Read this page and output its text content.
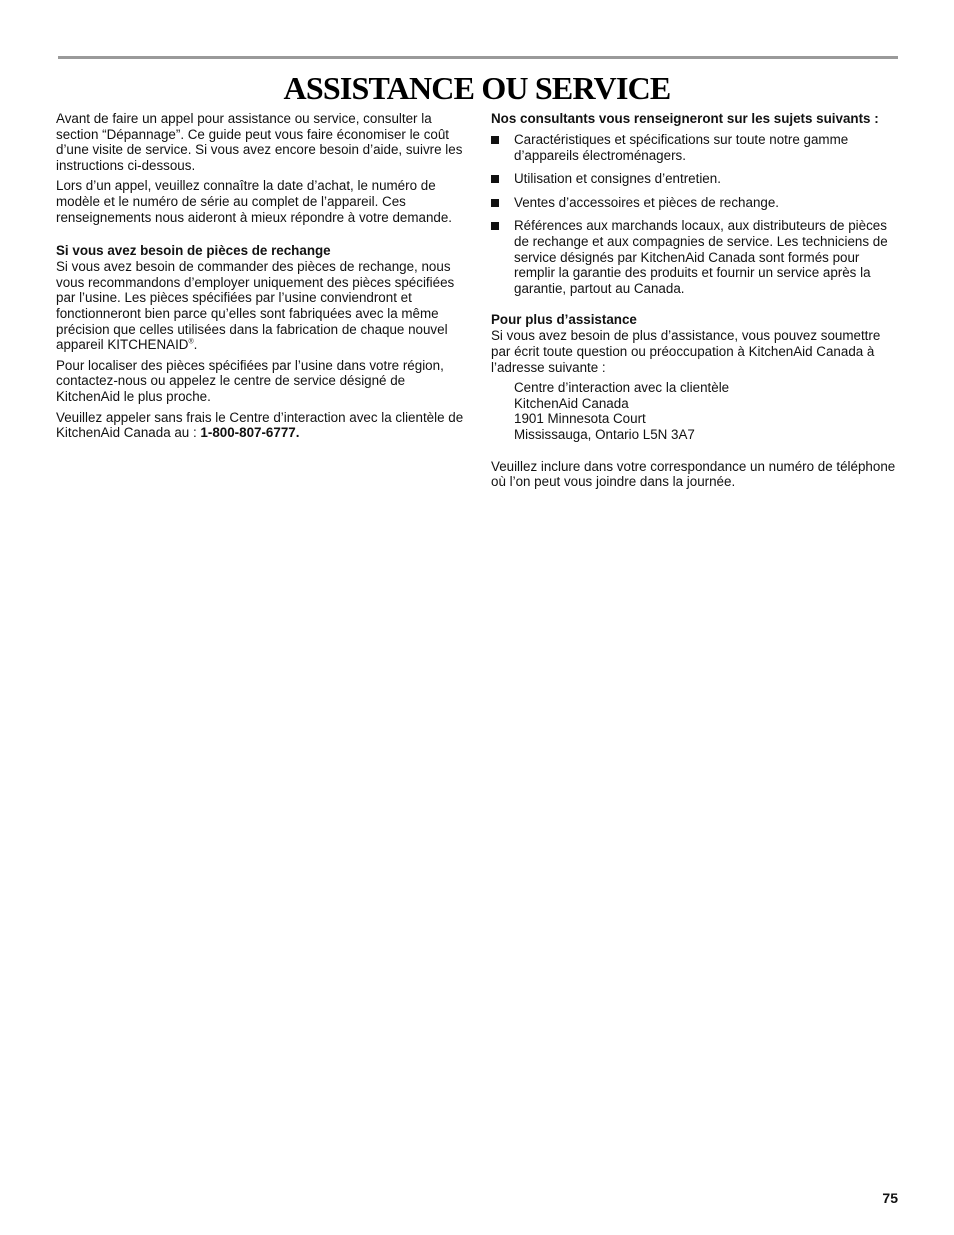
ASSISTANCE OU SERVICE

Avant de faire un appel pour assistance ou service, consulter la section “Dépannage”. Ce guide peut vous faire économiser le coût d’une visite de service. Si vous avez encore besoin d’aide, suivre les instructions ci-dessous.

Lors d’un appel, veuillez connaître la date d’achat, le numéro de modèle et le numéro de série au complet de l’appareil. Ces renseignements nous aideront à mieux répondre à votre demande.

Si vous avez besoin de pièces de rechange

Si vous avez besoin de commander des pièces de rechange, nous vous recommandons d’employer uniquement des pièces spécifiées par l’usine. Les pièces spécifiées par l’usine conviendront et fonctionneront bien parce qu’elles sont fabriquées avec la même précision que celles utilisées dans la fabrication de chaque nouvel appareil KITCHENAID®.

Pour localiser des pièces spécifiées par l’usine dans votre région, contactez-nous ou appelez le centre de service désigné de KitchenAid le plus proche.

Veuillez appeler sans frais le Centre d’interaction avec la clientèle de KitchenAid Canada au : 1-800-807-6777.

Nos consultants vous renseigneront sur les sujets suivants :
Caractéristiques et spécifications sur toute notre gamme d’appareils électroménagers.
Utilisation et consignes d’entretien.
Ventes d’accessoires et pièces de rechange.
Références aux marchands locaux, aux distributeurs de pièces de rechange et aux compagnies de service. Les techniciens de service désignés par KitchenAid Canada sont formés pour remplir la garantie des produits et fournir un service après la garantie, partout au Canada.
Pour plus d’assistance

Si vous avez besoin de plus d’assistance, vous pouvez soumettre par écrit toute question ou préoccupation à KitchenAid Canada à l’adresse suivante :

Centre d’interaction avec la clientèle
KitchenAid Canada
1901 Minnesota Court
Mississauga, Ontario L5N 3A7

Veuillez inclure dans votre correspondance un numéro de téléphone où l’on peut vous joindre dans la journée.

75
